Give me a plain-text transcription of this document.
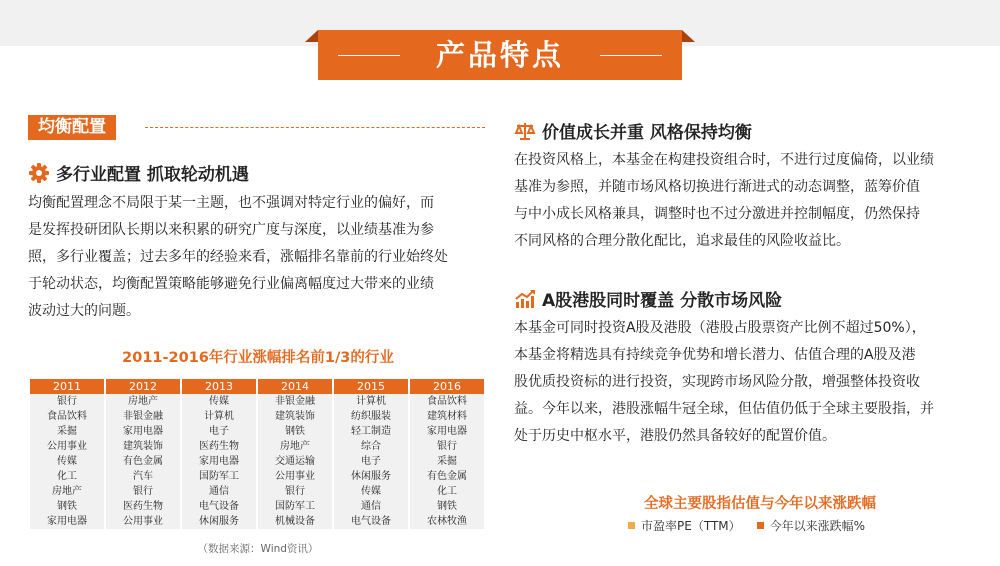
产品特点
均衡配置
多行业配置 抓取轮动机遇
均衡配置理念不局限于某一主题，也不强调对特定行业的偏好，而
是发挥投研团队长期以来积累的研究广度与深度，以业绩基准为参
照，多行业覆盖；过去多年的经验来看，涨幅排名靠前的行业始终处
于轮动状态，均衡配置策略能够避免行业偏离幅度过大带来的业绩
波动过大的问题。
2011-2016年行业涨幅排名前1/3的行业
2011	2012	2013	2014	2015	2016
银行	房地产	传媒	非银金融	计算机	食品饮料
食品饮料	非银金融	计算机	建筑装饰	纺织服装	建筑材料
采掘	家用电器	电子	钢铁	轻工制造	家用电器
公用事业	建筑装饰	医药生物	房地产	综合	银行
传媒	有色金属	家用电器	交通运输	电子	采掘
化工	汽车	国防军工	公用事业	休闲服务	有色金属
房地产	银行	通信	银行	传媒	化工
钢铁	医药生物	电气设备	国防军工	通信	钢铁
家用电器	公用事业	休闲服务	机械设备	电气设备	农林牧渔
（数据来源：Wind资讯）
价值成长并重 风格保持均衡
在投资风格上，本基金在构建投资组合时，不进行过度偏倚，以业绩
基准为参照，并随市场风格切换进行渐进式的动态调整，蓝筹价值
与中小成长风格兼具，调整时也不过分激进并控制幅度，仍然保持
不同风格的合理分散化配比，追求最佳的风险收益比。
A股港股同时覆盖 分散市场风险
本基金可同时投资A股及港股（港股占股票资产比例不超过50%），
本基金将精选具有持续竞争优势和增长潜力、估值合理的A股及港
股优质投资标的进行投资，实现跨市场风险分散，增强整体投资收
益。今年以来，港股涨幅牛冠全球，但估值仍低于全球主要股指，并
处于历史中枢水平，港股仍然具备较好的配置价值。
全球主要股指估值与今年以来涨跌幅
市盈率PE（TTM） 今年以来涨跌幅%
